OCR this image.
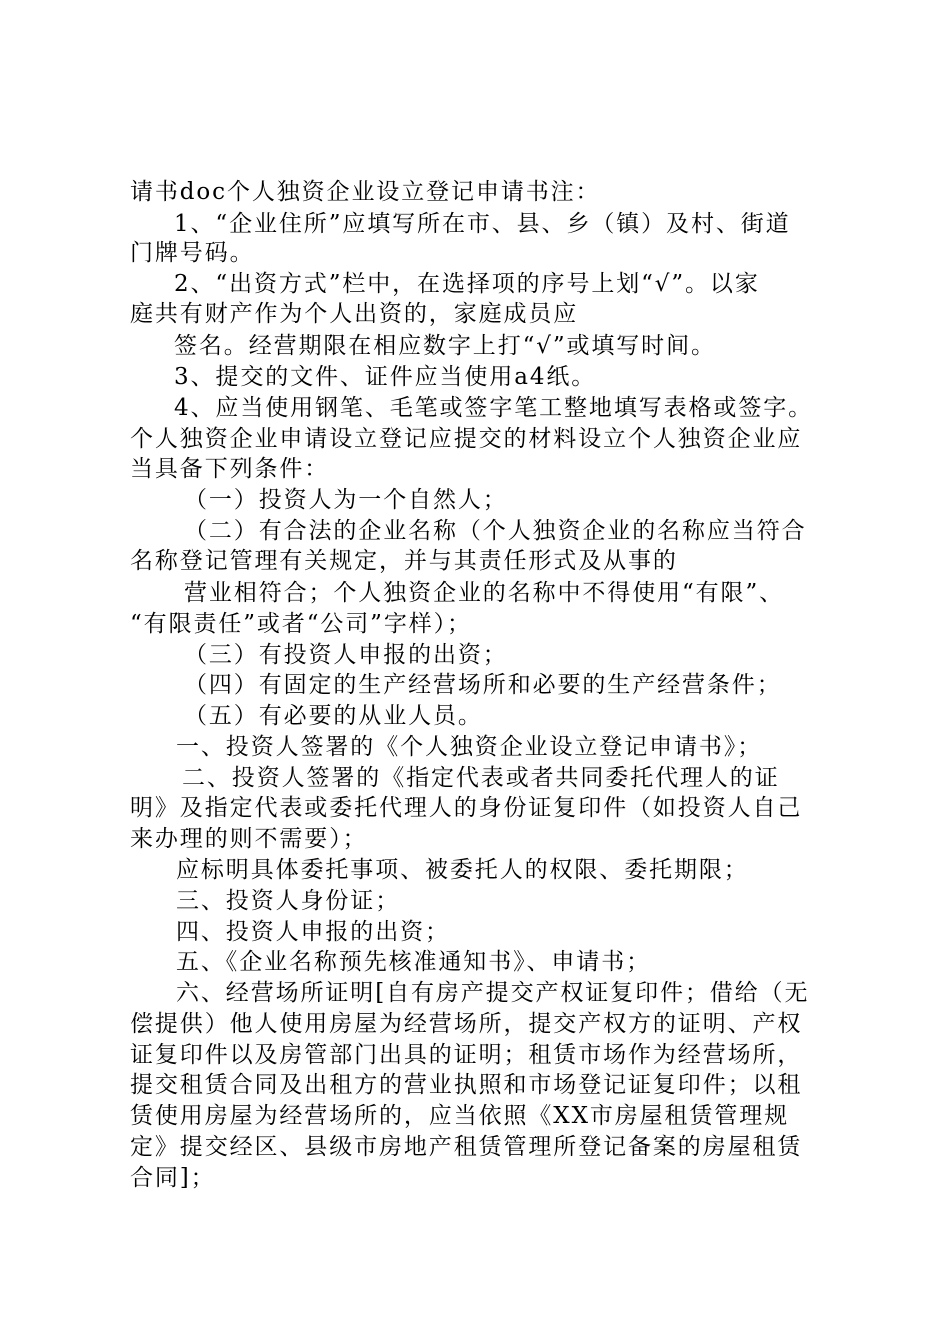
请书doc个人独资企业设立登记申请书注：
1、“企业住所”应填写所在市、县、乡（镇）及村、街道
门牌号码。
2、“出资方式”栏中，在选择项的序号上划“√”。以家
庭共有财产作为个人出资的，家庭成员应
签名。经营期限在相应数字上打“√”或填写时间。
3、提交的文件、证件应当使用a4纸。
4、应当使用钢笔、毛笔或签字笔工整地填写表格或签字。
个人独资企业申请设立登记应提交的材料设立个人独资企业应
当具备下列条件：
（一）投资人为一个自然人；
（二）有合法的企业名称（个人独资企业的名称应当符合
名称登记管理有关规定，并与其责任形式及从事的
营业相符合；个人独资企业的名称中不得使用“有限”、
“有限责任”或者“公司”字样）；
（三）有投资人申报的出资；
（四）有固定的生产经营场所和必要的生产经营条件；
（五）有必要的从业人员。
一、投资人签署的《个人独资企业设立登记申请书》；
二、投资人签署的《指定代表或者共同委托代理人的证
明》及指定代表或委托代理人的身份证复印件（如投资人自己
来办理的则不需要）；
应标明具体委托事项、被委托人的权限、委托期限；
三、投资人身份证；
四、投资人申报的出资；
五、《企业名称预先核准通知书》、申请书；
六、经营场所证明[自有房产提交产权证复印件；借给（无
偿提供）他人使用房屋为经营场所，提交产权方的证明、产权
证复印件以及房管部门出具的证明；租赁市场作为经营场所，
提交租赁合同及出租方的营业执照和市场登记证复印件；以租
赁使用房屋为经营场所的，应当依照《XX市房屋租赁管理规
定》提交经区、县级市房地产租赁管理所登记备案的房屋租赁
合同]；
